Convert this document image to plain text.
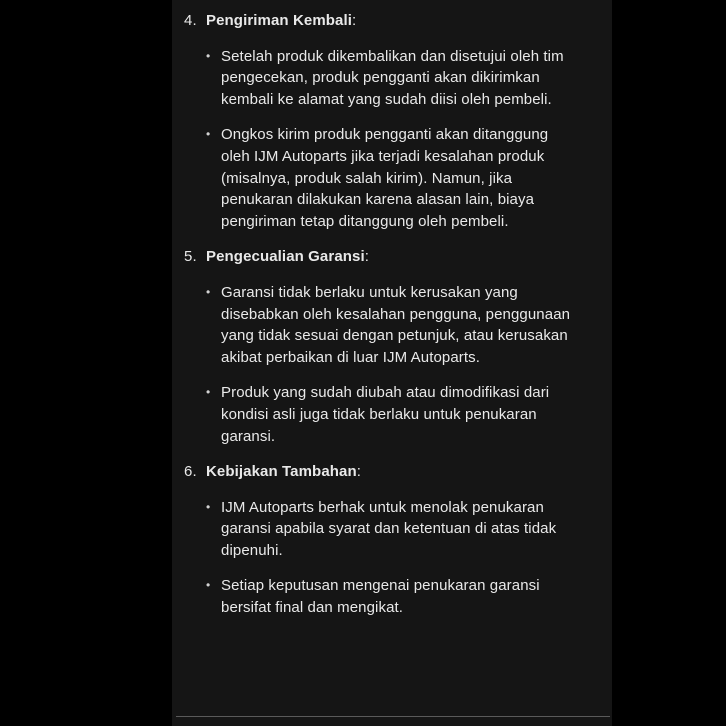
4. Pengiriman Kembali:
• Setelah produk dikembalikan dan disetujui oleh tim pengecekan, produk pengganti akan dikirimkan kembali ke alamat yang sudah diisi oleh pembeli.
• Ongkos kirim produk pengganti akan ditanggung oleh IJM Autoparts jika terjadi kesalahan produk (misalnya, produk salah kirim). Namun, jika penukaran dilakukan karena alasan lain, biaya pengiriman tetap ditanggung oleh pembeli.
5. Pengecualian Garansi:
• Garansi tidak berlaku untuk kerusakan yang disebabkan oleh kesalahan pengguna, penggunaan yang tidak sesuai dengan petunjuk, atau kerusakan akibat perbaikan di luar IJM Autoparts.
• Produk yang sudah diubah atau dimodifikasi dari kondisi asli juga tidak berlaku untuk penukaran garansi.
6. Kebijakan Tambahan:
• IJM Autoparts berhak untuk menolak penukaran garansi apabila syarat dan ketentuan di atas tidak dipenuhi.
• Setiap keputusan mengenai penukaran garansi bersifat final dan mengikat.
